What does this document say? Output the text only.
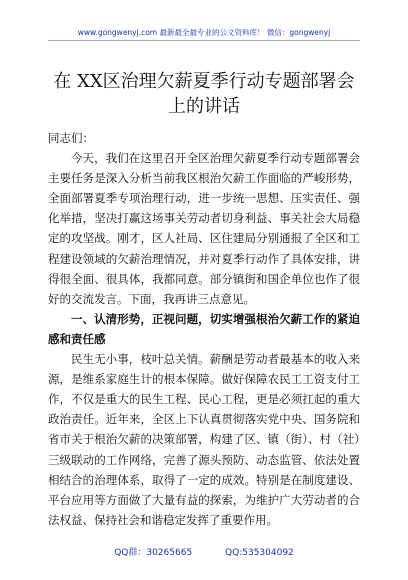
www.gongwenyj.com 最新最全最专业的公文资料库！ 微信：gongwenyj
在 XX区治理欠薪夏季行动专题部署会上的讲话

同志们：

今天，我们在这里召开全区治理欠薪夏季行动专题部署会主要任务是深入分析当前我区根治欠薪工作面临的严峻形势，全面部署夏季专项治理行动，进一步统一思想、压实责任、强化举措，坚决打赢这场事关劳动者切身利益、事关社会大局稳定的攻坚战。刚才，区人社局、区住建局分别通报了全区和工程建设领域的欠薪治理情况，并对夏季行动作了具体安排，讲得很全面、很具体，我都同意。部分镇街和国企单位也作了很好的交流发言。下面，我再讲三点意见。

一、认清形势，正视问题，切实增强根治欠薪工作的紧迫感和责任感

民生无小事，枝叶总关情。薪酬是劳动者最基本的收入来源，是维系家庭生计的根本保障。做好保障农民工工资支付工作，不仅是重大的民生工程、民心工程，更是必须扛起的重大政治责任。近年来，全区上下认真贯彻落实党中央、国务院和省市关于根治欠薪的决策部署，构建了区、镇（街）、村（社）三级联动的工作网络，完善了源头预防、动态监管、依法处置相结合的治理体系，取得了一定的成效。特别是在制度建设、平台应用等方面做了大量有益的探索，为维护广大劳动者的合法权益、保持社会和谐稳定发挥了重要作用。

QQ群：30265665	QQ:535304092
